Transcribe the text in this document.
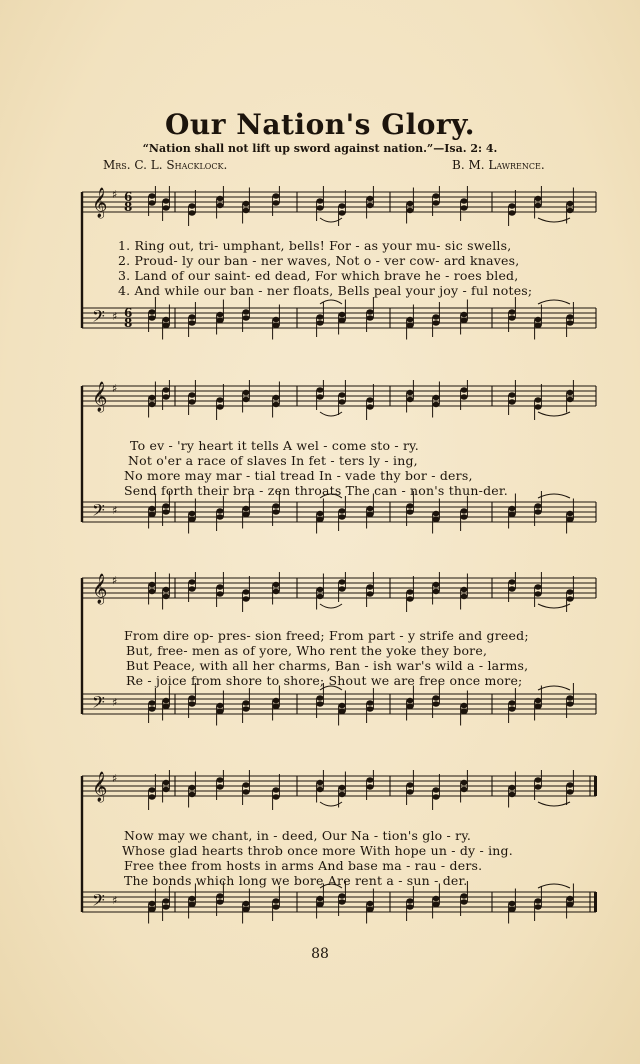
Our Nation's Glory.
“Nation shall not lift up sword against nation.”—Isa. 2: 4.
Mrs. C. L. Shacklock.	B. M. Lawrence.
𝄞 ♯ 6
8
𝄢 ♯ 6
8
1. Ring out, tri- umphant, bells! For - as your mu- sic swells,
2. Proud- ly our ban - ner waves, Not o - ver cow- ard knaves,
3. Land of our saint- ed dead, For which brave he - roes bled,
4. And while our ban - ner floats, Bells peal your joy - ful notes;
𝄞 ♯
𝄢 ♯
To ev - 'ry heart it tells A wel - come sto - ry.
Not o'er a race of slaves In fet - ters ly - ing,
No more may mar - tial tread In - vade thy bor - ders,
Send forth their bra - zen throats The can - non's thun-der.
𝄞 ♯
𝄢 ♯
From dire op- pres- sion freed; From part - y strife and greed;
But, free- men as of yore, Who rent the yoke they bore,
But Peace, with all her charms, Ban - ish war's wild a - larms,
Re - joice from shore to shore; Shout we are free once more;
𝄞 ♯
𝄢 ♯
Now may we chant, in - deed, Our Na - tion's glo - ry.
Whose glad hearts throb once more With hope un - dy - ing.
Free thee from hosts in arms And base ma - rau - ders.
The bonds which long we bore Are rent a - sun - der.
88
